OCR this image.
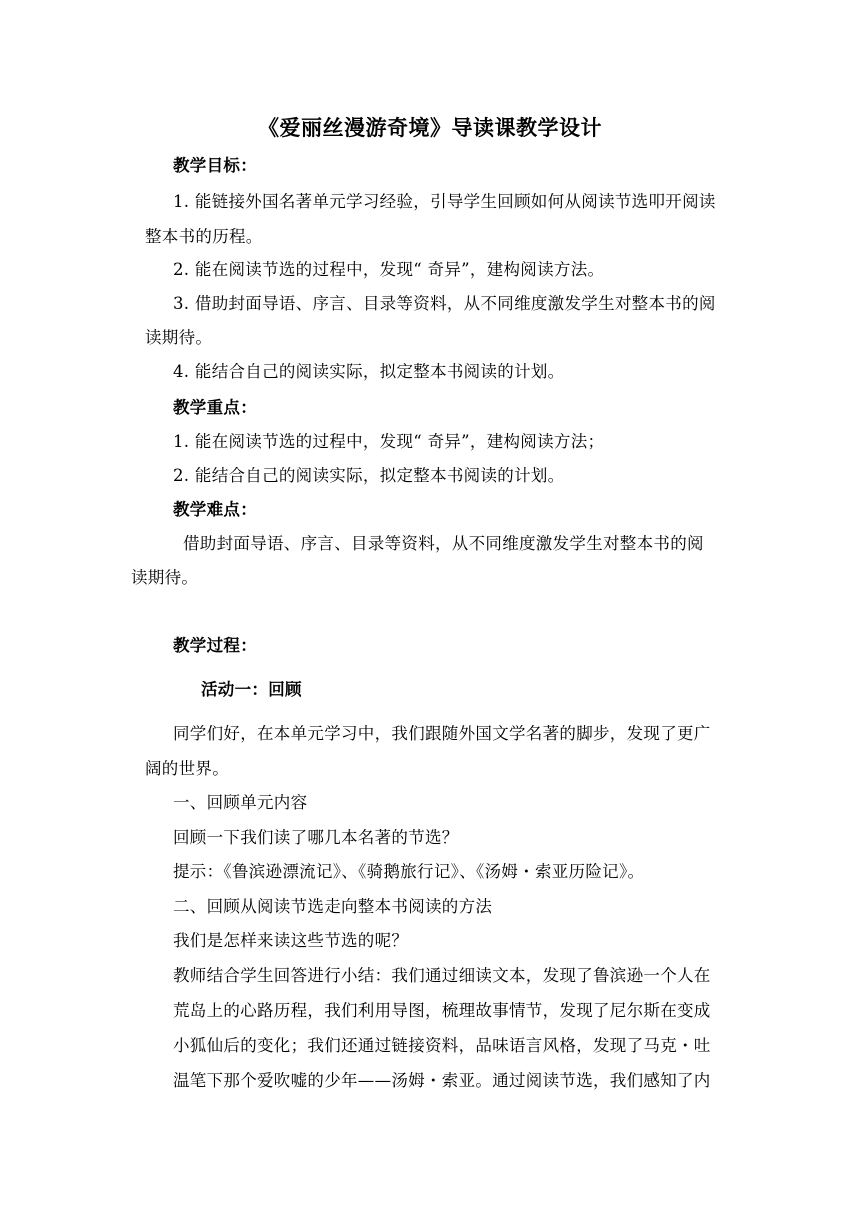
《爱丽丝漫游奇境》导读课教学设计
教学目标：
1. 能链接外国名著单元学习经验，引导学生回顾如何从阅读节选叩开阅读
整本书的历程。
2. 能在阅读节选的过程中，发现“ 奇异”，建构阅读方法。
3. 借助封面导语、序言、目录等资料，从不同维度激发学生对整本书的阅
读期待。
4. 能结合自己的阅读实际，拟定整本书阅读的计划。
教学重点：
1. 能在阅读节选的过程中，发现“ 奇异”，建构阅读方法；
2. 能结合自己的阅读实际，拟定整本书阅读的计划。
教学难点：
借助封面导语、序言、目录等资料，从不同维度激发学生对整本书的阅
读期待。
教学过程：
活动一：回顾
同学们好，在本单元学习中，我们跟随外国文学名著的脚步，发现了更广
阔的世界。
一、回顾单元内容
回顾一下我们读了哪几本名著的节选？
提示：《鲁滨逊漂流记》、《骑鹅旅行记》、《汤姆・索亚历险记》。
二、回顾从阅读节选走向整本书阅读的方法
我们是怎样来读这些节选的呢？
教师结合学生回答进行小结：我们通过细读文本，发现了鲁滨逊一个人在
荒岛上的心路历程，我们利用导图，梳理故事情节，发现了尼尔斯在变成
小狐仙后的变化；我们还通过链接资料，品味语言风格，发现了马克・吐
温笔下那个爱吹嘘的少年——汤姆・索亚。通过阅读节选，我们感知了内
